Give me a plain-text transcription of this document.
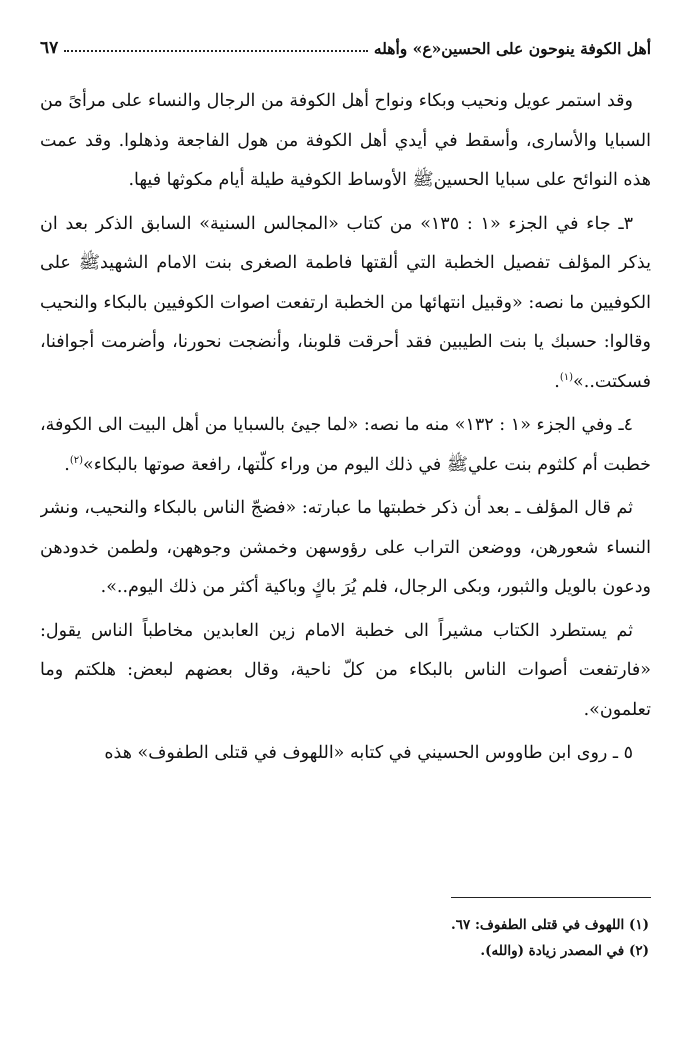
أهل الكوفة ينوحون على الحسين«ع» وأهله
٦٧

وقد استمر عويل ونحيب وبكاء ونواح أهل الكوفة من الرجال والنساء على مرأىً من السبايا والأسارى، وأسقط في أيدي أهل الكوفة من هول الفاجعة وذهلوا. وقد عمت هذه النوائح على سبايا الحسينﷺ الأوساط الكوفية طيلة أيام مكوثها فيها.

٣ـ جاء في الجزء «١ : ١٣٥» من كتاب «المجالس السنية» السابق الذكر بعد ان يذكر المؤلف تفصيل الخطبة التي ألقتها فاطمة الصغرى بنت الامام الشهيدﷺ على الكوفيين ما نصه: «وقبيل انتهائها من الخطبة ارتفعت اصوات الكوفيين بالبكاء والنحيب وقالوا: حسبك يا بنت الطيبين فقد أحرقت قلوبنا، وأنضجت نحورنا، وأضرمت أجوافنا، فسكتت..»$^{(١)}$.

٤ـ وفي الجزء «١ : ١٣٢» منه ما نصه: «لما جيئ بالسبايا من أهل البيت الى الكوفة، خطبت أم كلثوم بنت عليﷺ في ذلك اليوم من وراء كلّتها، رافعة صوتها بالبكاء»$^{(٢)}$.

ثم قال المؤلف ـ بعد أن ذكر خطبتها ما عبارته: «فضجّ الناس بالبكاء والنحيب، ونشر النساء شعورهن، ووضعن التراب على رؤوسهن وخمشن وجوههن، ولطمن خدودهن ودعون بالويل والثبور، وبكى الرجال، فلم يُرَ باكٍ وباكية أكثر من ذلك اليوم..».

ثم يستطرد الكتاب مشيراً الى خطبة الامام زين العابدين مخاطباً الناس يقول: «فارتفعت أصوات الناس بالبكاء من كلّ ناحية، وقال بعضهم لبعض: هلكتم وما تعلمون».

٥ ـ روى ابن طاووس الحسيني في كتابه «اللهوف في قتلى الطفوف» هذه

(١) اللهوف في قتلى الطفوف: ٦٧.
(٢) في المصدر زيادة (والله).
